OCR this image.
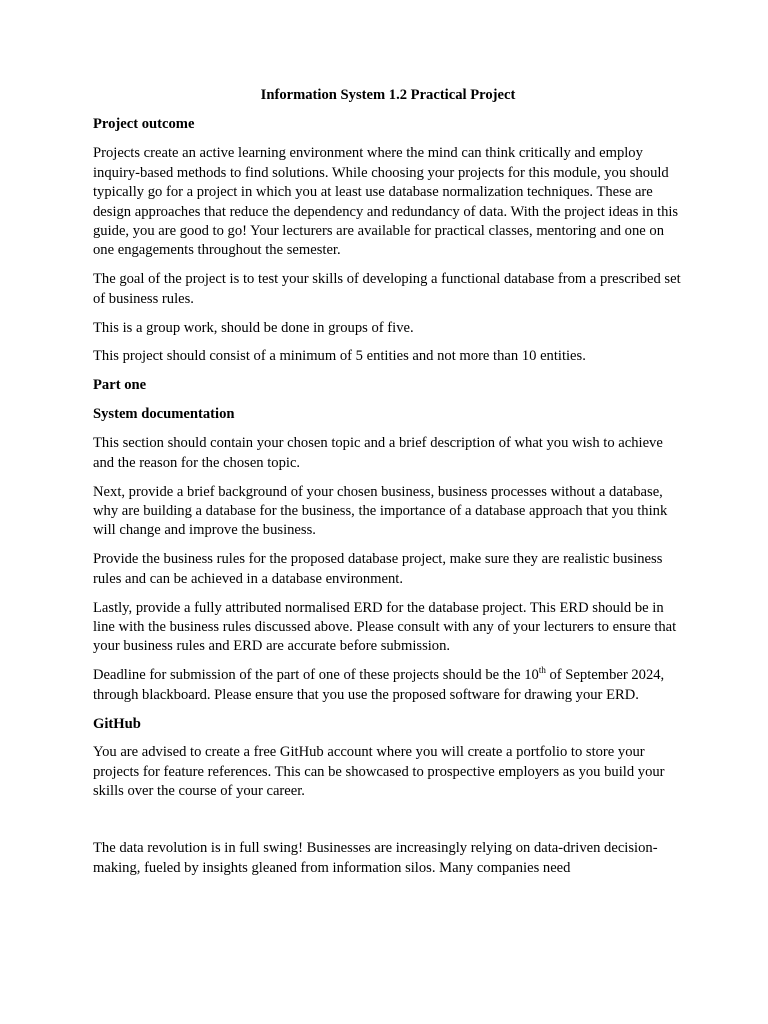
Information System 1.2 Practical Project
Project outcome
Projects create an active learning environment where the mind can think critically and employ inquiry-based methods to find solutions. While choosing your projects for this module, you should typically go for a project in which you at least use database normalization techniques. These are design approaches that reduce the dependency and redundancy of data. With the project ideas in this guide, you are good to go! Your lecturers are available for practical classes, mentoring and one on one engagements throughout the semester.
The goal of the project is to test your skills of developing a functional database from a prescribed set of business rules.
This is a group work, should be done in groups of five.
This project should consist of a minimum of 5 entities and not more than 10 entities.
Part one
System documentation
This section should contain your chosen topic and a brief description of what you wish to achieve and the reason for the chosen topic.
Next, provide a brief background of your chosen business, business processes without a database, why are building a database for the business, the importance of a database approach that you think will change and improve the business.
Provide the business rules for the proposed database project, make sure they are realistic business rules and can be achieved in a database environment.
Lastly, provide a fully attributed normalised ERD for the database project. This ERD should be in line with the business rules discussed above. Please consult with any of your lecturers to ensure that your business rules and ERD are accurate before submission.
Deadline for submission of the part of one of these projects should be the 10th of September 2024, through blackboard. Please ensure that you use the proposed software for drawing your ERD.
GitHub
You are advised to create a free GitHub account where you will create a portfolio to store your projects for feature references. This can be showcased to prospective employers as you build your skills over the course of your career.
The data revolution is in full swing! Businesses are increasingly relying on data-driven decision-making, fueled by insights gleaned from information silos. Many companies need
